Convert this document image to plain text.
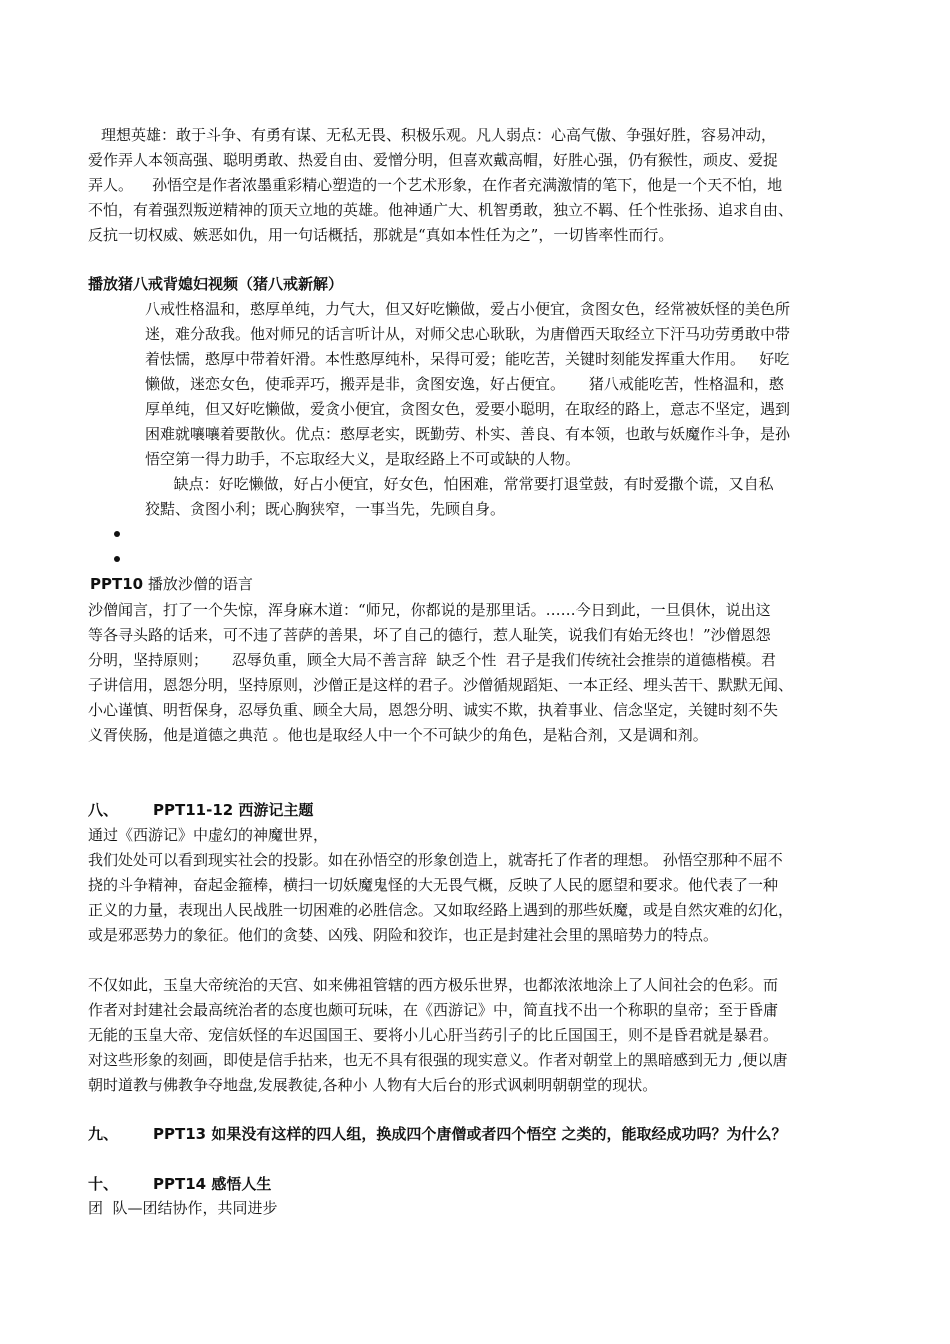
理想英雄：敢于斗争、有勇有谋、无私无畏、积极乐观。凡人弱点：心高气傲、争强好胜，容易冲动，
爱作弄人本领高强、聪明勇敢、热爱自由、爱憎分明，但喜欢戴高帽，好胜心强，仍有猴性，顽皮、爱捉
弄人。    孙悟空是作者浓墨重彩精心塑造的一个艺术形象，在作者充满激情的笔下，他是一个天不怕，地
不怕，有着强烈叛逆精神的顶天立地的英雄。他神通广大、机智勇敢，独立不羁、任个性张扬、追求自由、
反抗一切权威、嫉恶如仇，用一句话概括，那就是“真如本性任为之”，一切皆率性而行。
播放猪八戒背媳妇视频（猪八戒新解）
八戒性格温和，憨厚单纯，力气大，但又好吃懒做，爱占小便宜，贪图女色，经常被妖怪的美色所
迷，难分敌我。他对师兄的话言听计从，对师父忠心耿耿，为唐僧西天取经立下汗马功劳勇敢中带
着怯懦，憨厚中带着奸滑。本性憨厚纯朴，呆得可爱；能吃苦，关键时刻能发挥重大作用。   好吃
懒做，迷恋女色，使乖弄巧，搬弄是非，贪图安逸，好占便宜。     猪八戒能吃苦，性格温和，憨
厚单纯，但又好吃懒做，爱贪小便宜，贪图女色，爱要小聪明，在取经的路上，意志不坚定，遇到
困难就嚷嚷着要散伙。优点：憨厚老实，既勤劳、朴实、善良、有本领，也敢与妖魔作斗争，是孙
悟空第一得力助手，不忘取经大义，是取经路上不可或缺的人物。
缺点：好吃懒做，好占小便宜，好女色，怕困难，常常要打退堂鼓，有时爱撒个谎，又自私
狡黠、贪图小利；既心胸狭窄，一事当先，先顾自身。
PPT10 播放沙僧的语言
沙僧闻言，打了一个失惊，浑身麻木道：“师兄，你都说的是那里话。……今日到此，一旦俱休，说出这
等各寻头路的话来，可不违了菩萨的善果，坏了自己的德行，惹人耻笑，说我们有始无终也！”沙僧恩怨
分明，坚持原则；     忍辱负重，顾全大局不善言辞  缺乏个性  君子是我们传统社会推崇的道德楷模。君
子讲信用，恩怨分明，坚持原则，沙僧正是这样的君子。沙僧循规蹈矩、一本正经、埋头苦干、默默无闻、
小心谨慎、明哲保身，忍辱负重、顾全大局，恩怨分明、诚实不欺，执着事业、信念坚定，关键时刻不失
义胥侠肠，他是道德之典范 。他也是取经人中一个不可缺少的角色，是粘合剂，又是调和剂。
八、 PPT11-12 西游记主题
通过《西游记》中虚幻的神魔世界，
我们处处可以看到现实社会的投影。如在孙悟空的形象创造上，就寄托了作者的理想。 孙悟空那种不屈不
挠的斗争精神，奋起金箍棒，横扫一切妖魔鬼怪的大无畏气概，反映了人民的愿望和要求。他代表了一种
正义的力量，表现出人民战胜一切困难的必胜信念。又如取经路上遇到的那些妖魔，或是自然灾难的幻化，
或是邪恶势力的象征。他们的贪婪、凶残、阴险和狡诈，也正是封建社会里的黑暗势力的特点。
不仅如此，玉皇大帝统治的天宫、如来佛祖管辖的西方极乐世界，也都浓浓地涂上了人间社会的色彩。而
作者对封建社会最高统治者的态度也颇可玩味，在《西游记》中，简直找不出一个称职的皇帝；至于昏庸
无能的玉皇大帝、宠信妖怪的车迟国国王、要将小儿心肝当药引子的比丘国国王，则不是昏君就是暴君。
对这些形象的刻画，即使是信手拈来，也无不具有很强的现实意义。作者对朝堂上的黑暗感到无力 ,便以唐
朝时道教与佛教争夺地盘,发展教徒,各种小 人物有大后台的形式讽刺明朝朝堂的现状。
九、 PPT13 如果没有这样的四人组，换成四个唐僧或者四个悟空 之类的，能取经成功吗？为什么？
十、 PPT14 感悟人生
团  队—团结协作，共同进步
